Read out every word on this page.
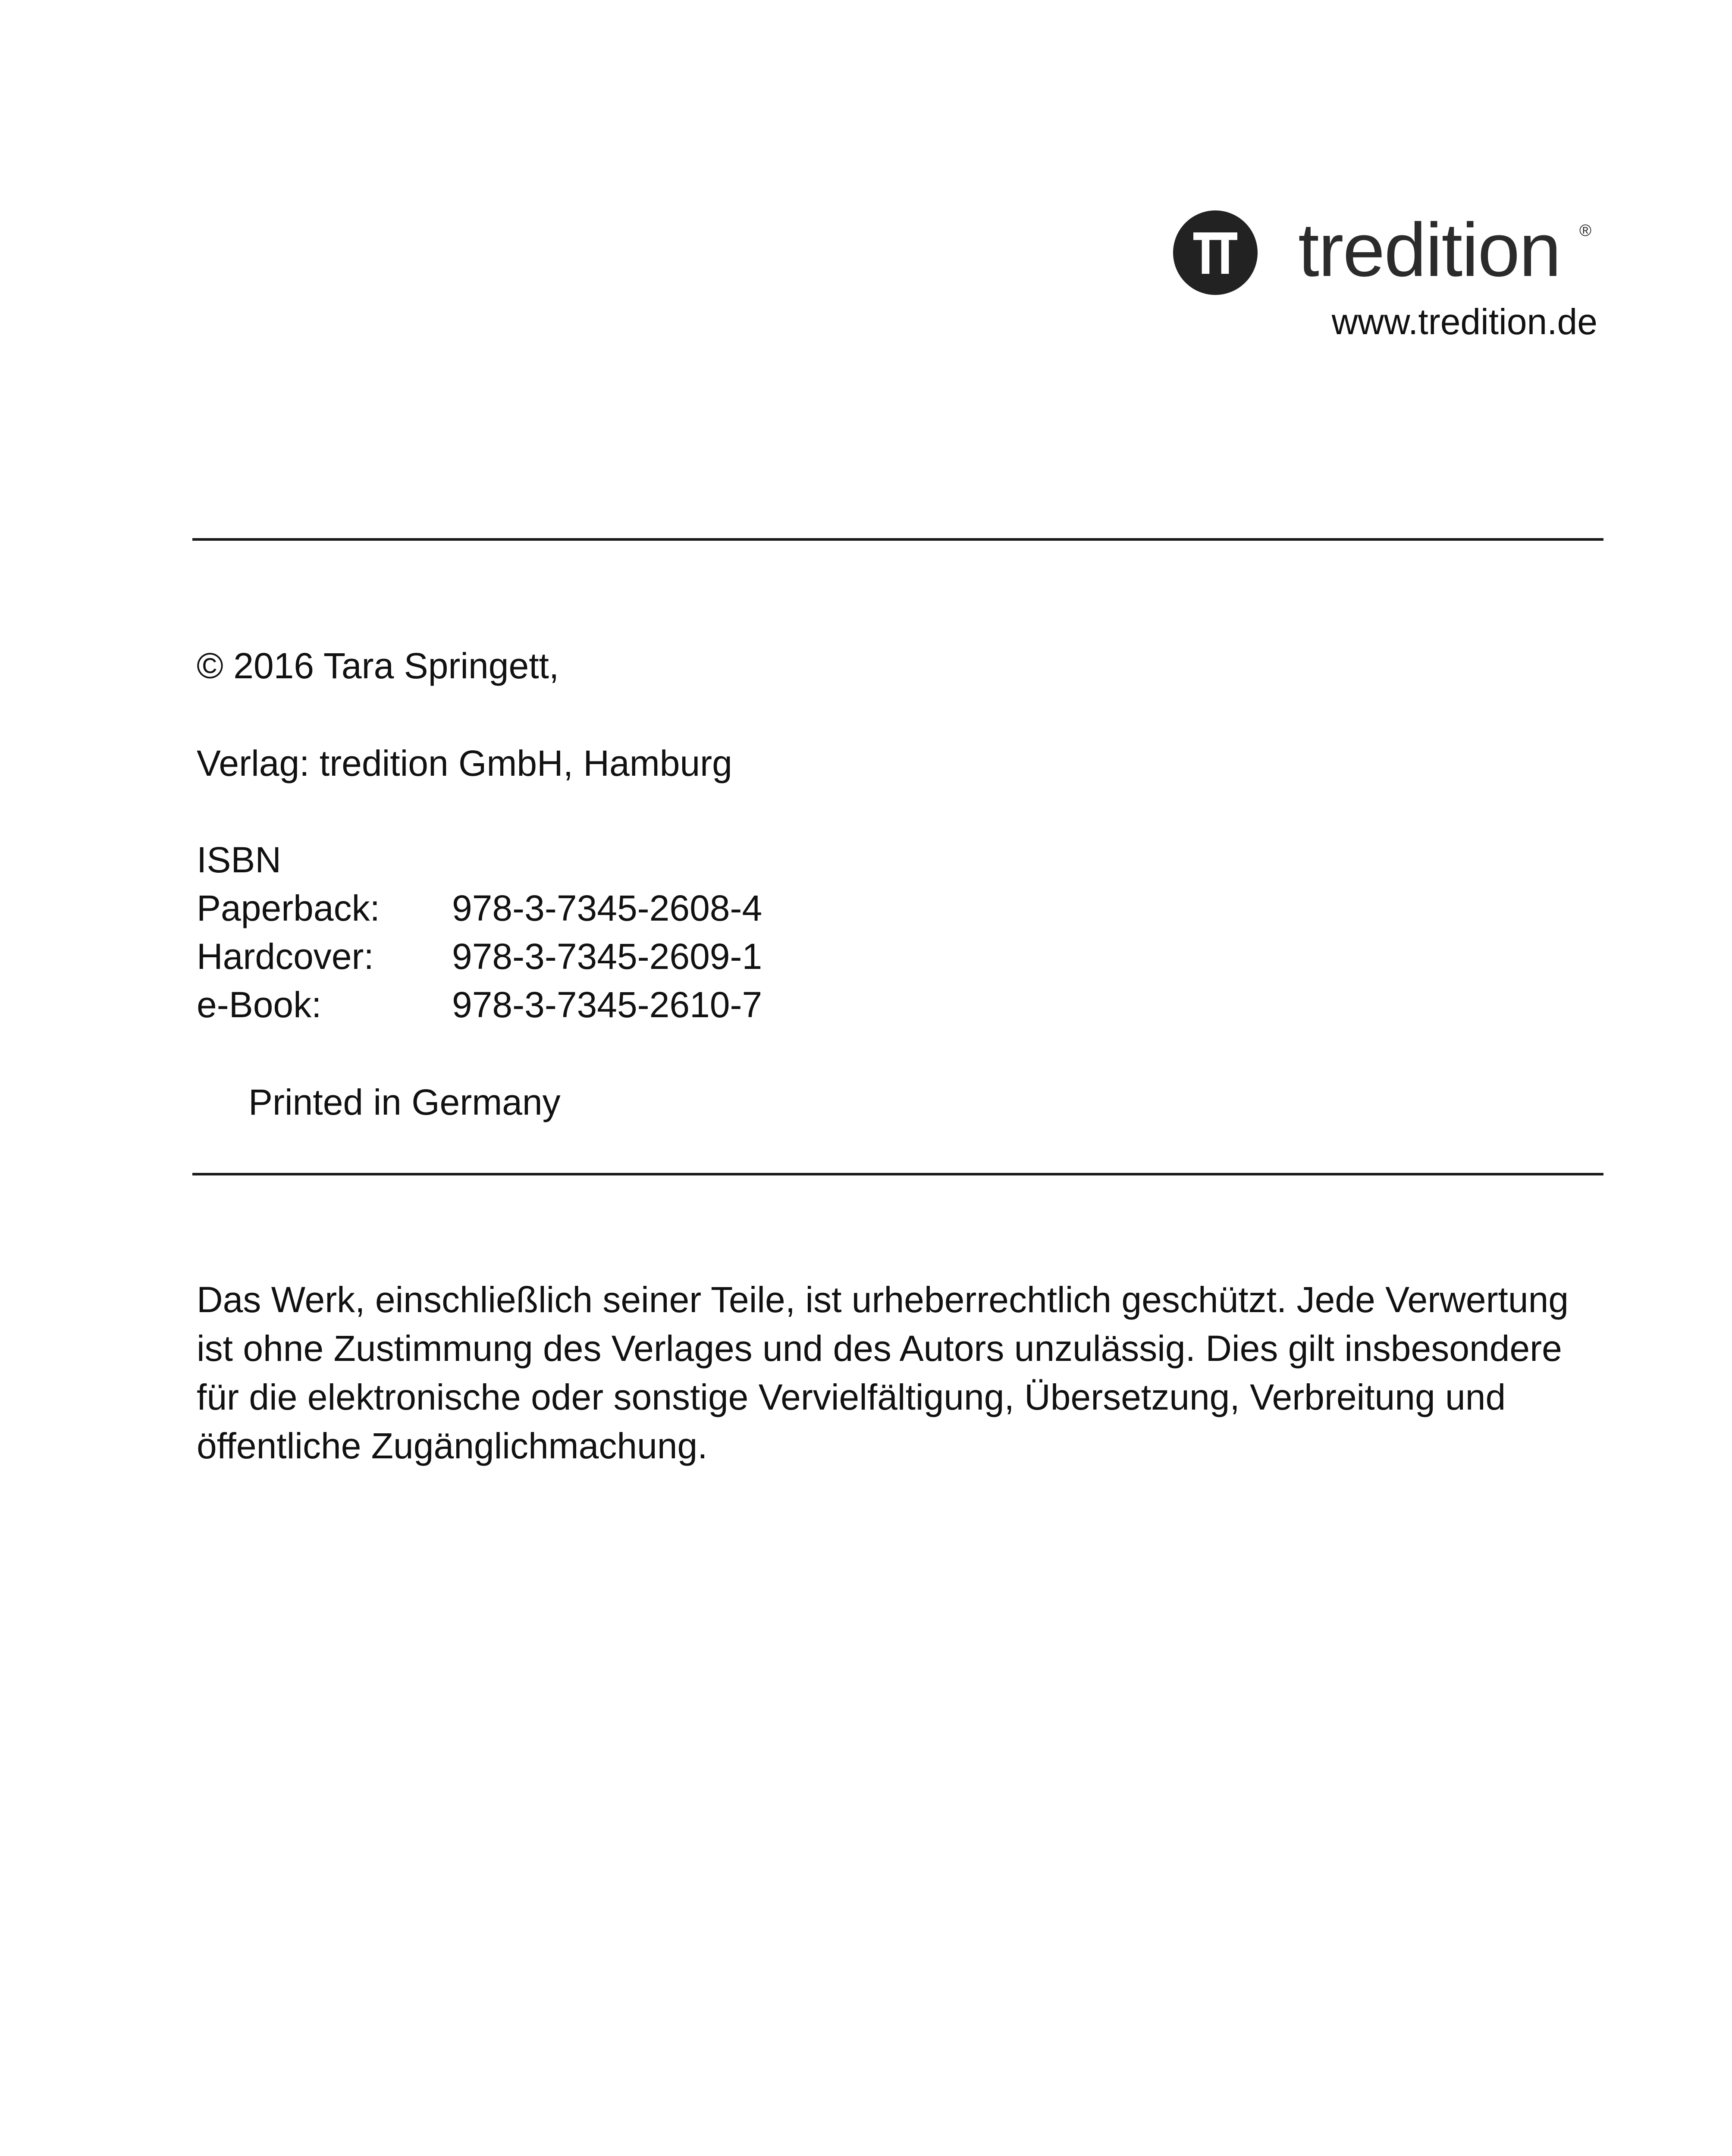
tredition ®
www.tredition.de
© 2016 Tara Springett,
Verlag: tredition GmbH, Hamburg
ISBN
Paperback: 978-3-7345-2608-4
Hardcover: 978-3-7345-2609-1
e-Book:	978-3-7345-2610-7
Printed in Germany
Das Werk, einschließlich seiner Teile, ist urheberrechtlich geschützt. Jede Verwertung
ist ohne Zustimmung des Verlages und des Autors unzulässig. Dies gilt insbesondere
für die elektronische oder sonstige Vervielfältigung, Übersetzung, Verbreitung und
öffentliche Zugänglichmachung.
